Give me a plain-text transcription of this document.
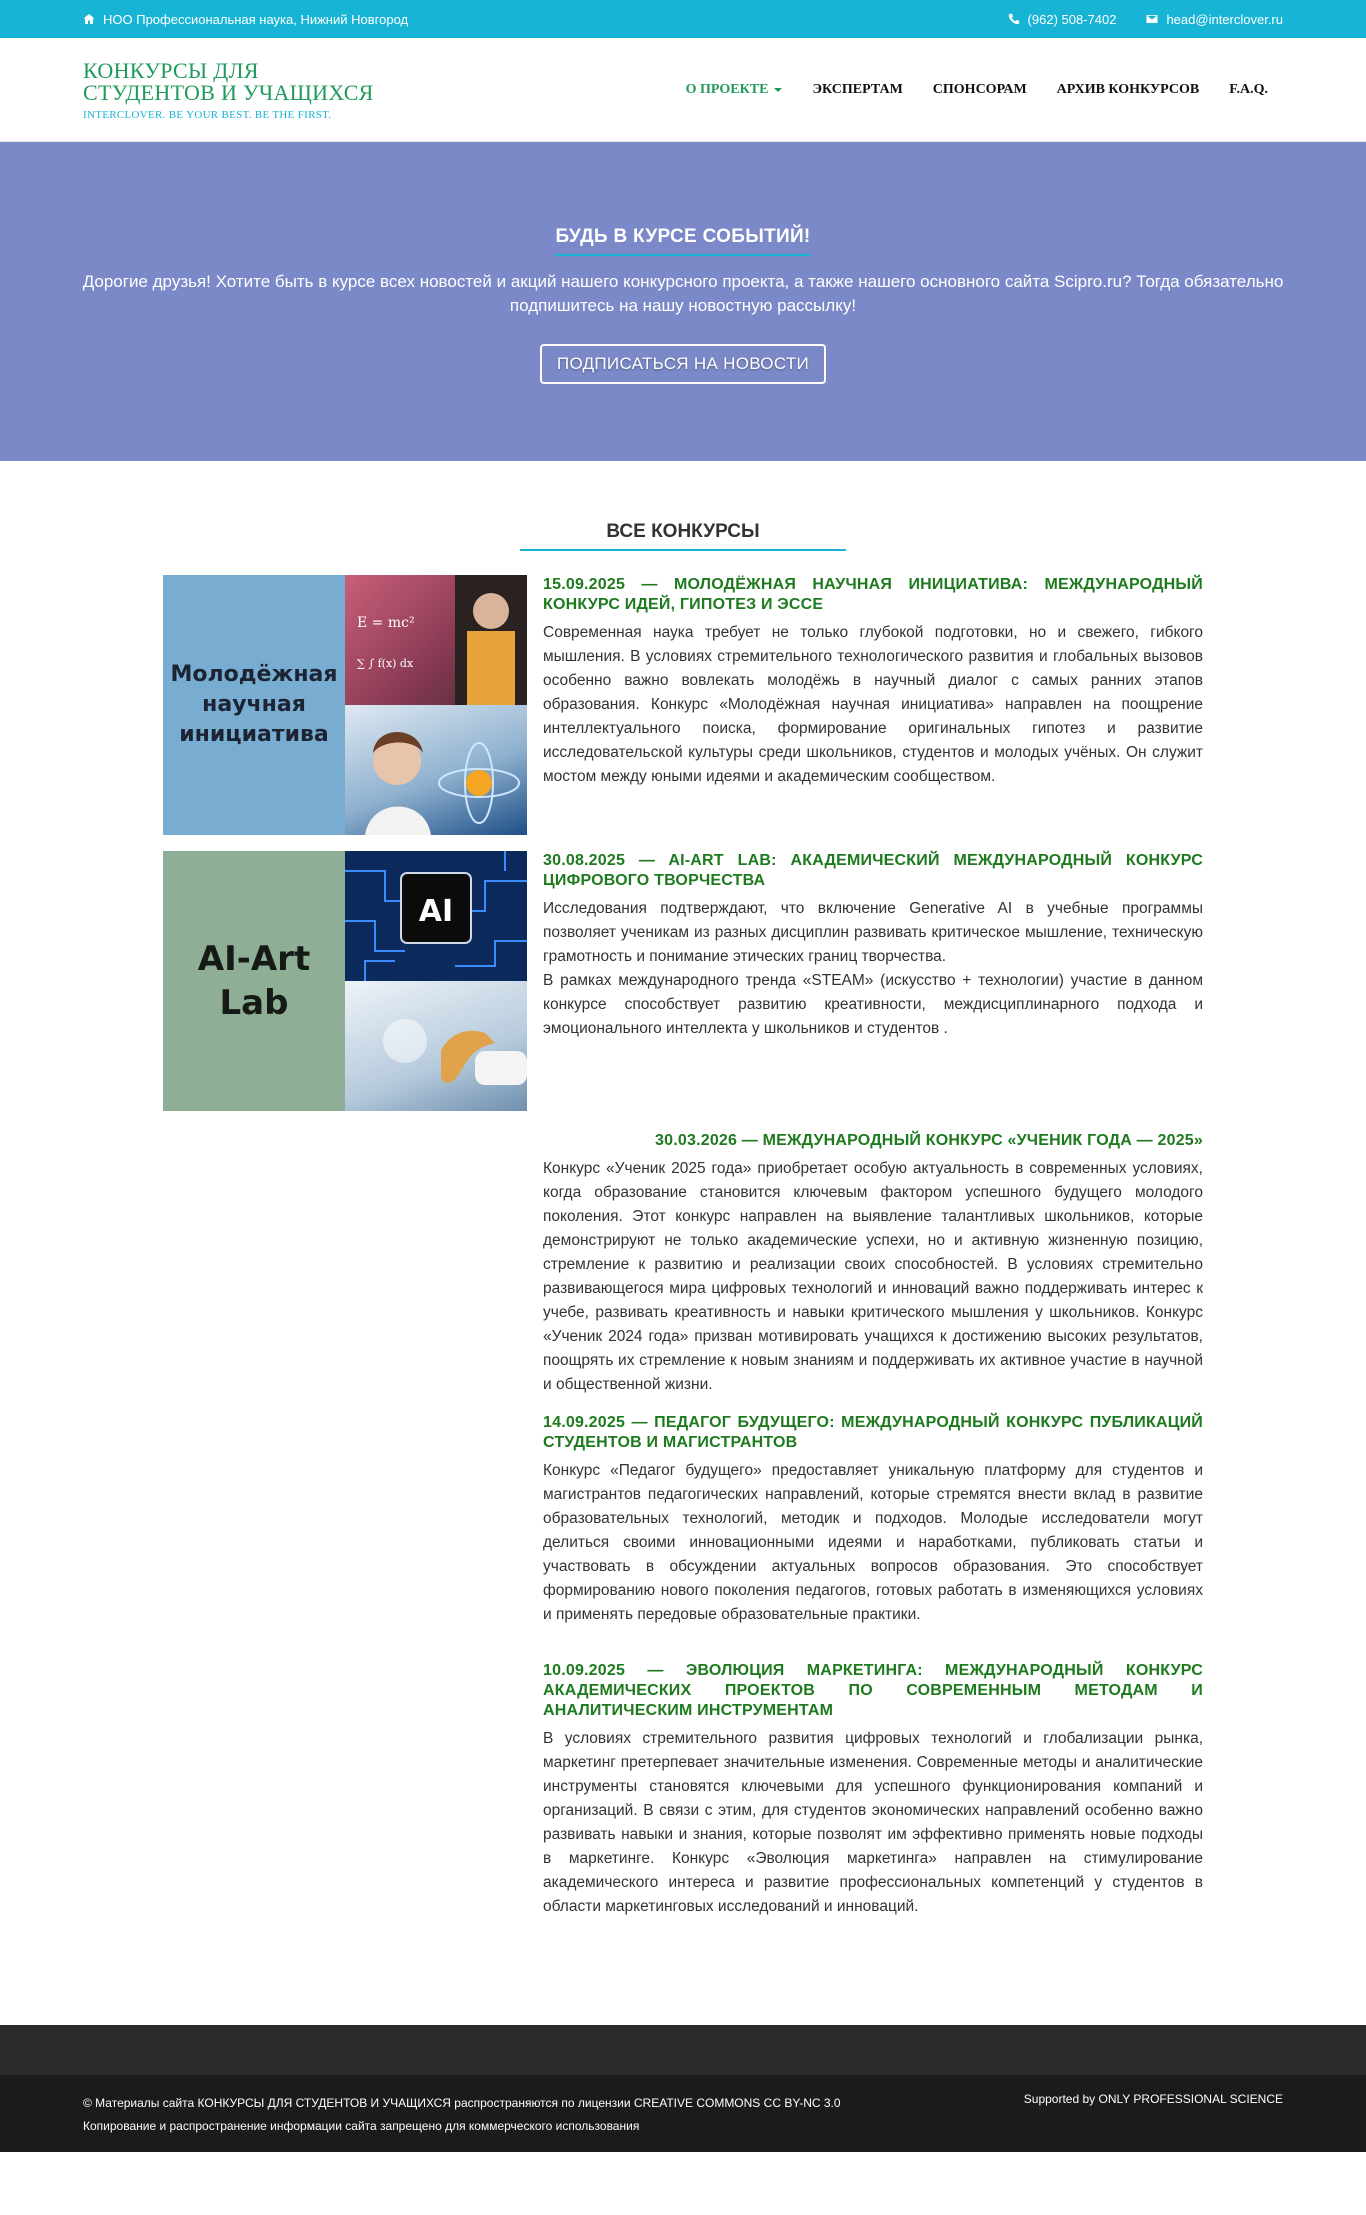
НОО Профессиональная наука, Нижний Новгород	(962) 508-7402	head@interclover.ru
КОНКУРСЫ ДЛЯ
СТУДЕНТОВ И УЧАЩИХСЯ
INTERCLOVER. BE YOUR BEST. BE THE FIRST.
О ПРОЕКТЕ	ЭКСПЕРТАМ СПОНСОРАМ АРХИВ КОНКУРСОВ F.A.Q.
БУДЬ В КУРСЕ СОБЫТИЙ!

Дорогие друзья! Хотите быть в курсе всех новостей и акций нашего конкурсного проекта, а также нашего основного сайта Scipro.ru? Тогда обязательно подпишитесь на нашу новостную рассылку!

ПОДПИСАТЬСЯ НА НОВОСТИ
ВСЕ КОНКУРСЫ
Молодёжная научная инициатива
E = mc²
∑ ∫ f(x) dx
15.09.2025 — МОЛОДЁЖНАЯ НАУЧНАЯ ИНИЦИАТИВА: МЕЖДУНАРОДНЫЙ КОНКУРС ИДЕЙ, ГИПОТЕЗ И ЭССЕ

Современная наука требует не только глубокой подготовки, но и свежего, гибкого мышления. В условиях стремительного технологического развития и глобальных вызовов особенно важно вовлекать молодёжь в научный диалог с самых ранних этапов образования. Конкурс «Молодёжная научная инициатива» направлен на поощрение интеллектуального поиска, формирование оригинальных гипотез и развитие исследовательской культуры среди школьников, студентов и молодых учёных. Он служит мостом между юными идеями и академическим сообществом.

AI-Art Lab
AI
30.08.2025 — AI-ART LAB: АКАДЕМИЧЕСКИЙ МЕЖДУНАРОДНЫЙ КОНКУРС ЦИФРОВОГО ТВОРЧЕСТВА

Исследования подтверждают, что включение Generative AI в учебные программы позволяет ученикам из разных дисциплин развивать критическое мышление, техническую грамотность и понимание этических границ творчества.

В рамках международного тренда «STEAM» (искусство + технологии) участие в данном конкурсе способствует развитию креативности, междисциплинарного подхода и эмоционального интеллекта у школьников и студентов .

30.03.2026 — МЕЖДУНАРОДНЫЙ КОНКУРС «УЧЕНИК ГОДА — 2025»

Конкурс «Ученик 2025 года» приобретает особую актуальность в современных условиях, когда образование становится ключевым фактором успешного будущего молодого поколения. Этот конкурс направлен на выявление талантливых школьников, которые демонстрируют не только академические успехи, но и активную жизненную позицию, стремление к развитию и реализации своих способностей. В условиях стремительно развивающегося мира цифровых технологий и инноваций важно поддерживать интерес к учебе, развивать креативность и навыки критического мышления у школьников. Конкурс «Ученик 2024 года» призван мотивировать учащихся к достижению высоких результатов, поощрять их стремление к новым знаниям и поддерживать их активное участие в научной и общественной жизни.

14.09.2025 — ПЕДАГОГ БУДУЩЕГО: МЕЖДУНАРОДНЫЙ КОНКУРС ПУБЛИКАЦИЙ СТУДЕНТОВ И МАГИСТРАНТОВ

Конкурс «Педагог будущего» предоставляет уникальную платформу для студентов и магистрантов педагогических направлений, которые стремятся внести вклад в развитие образовательных технологий, методик и подходов. Молодые исследователи могут делиться своими инновационными идеями и наработками, публиковать статьи и участвовать в обсуждении актуальных вопросов образования. Это способствует формированию нового поколения педагогов, готовых работать в изменяющихся условиях и применять передовые образовательные практики.

10.09.2025 — ЭВОЛЮЦИЯ МАРКЕТИНГА: МЕЖДУНАРОДНЫЙ КОНКУРС АКАДЕМИЧЕСКИХ ПРОЕКТОВ ПО СОВРЕМЕННЫМ МЕТОДАМ И АНАЛИТИЧЕСКИМ ИНСТРУМЕНТАМ

В условиях стремительного развития цифровых технологий и глобализации рынка, маркетинг претерпевает значительные изменения. Современные методы и аналитические инструменты становятся ключевыми для успешного функционирования компаний и организаций. В связи с этим, для студентов экономических направлений особенно важно развивать навыки и знания, которые позволят им эффективно применять новые подходы в маркетинге. Конкурс «Эволюция маркетинга» направлен на стимулирование академического интереса и развитие профессиональных компетенций у студентов в области маркетинговых исследований и инноваций.

© Материалы сайта КОНКУРСЫ ДЛЯ СТУДЕНТОВ И УЧАЩИХСЯ распространяются по лицензии CREATIVE COMMONS CC BY-NC 3.0
Копирование и распространение информации сайта запрещено для коммерческого использования
Supported by ONLY PROFESSIONAL SCIENCE
